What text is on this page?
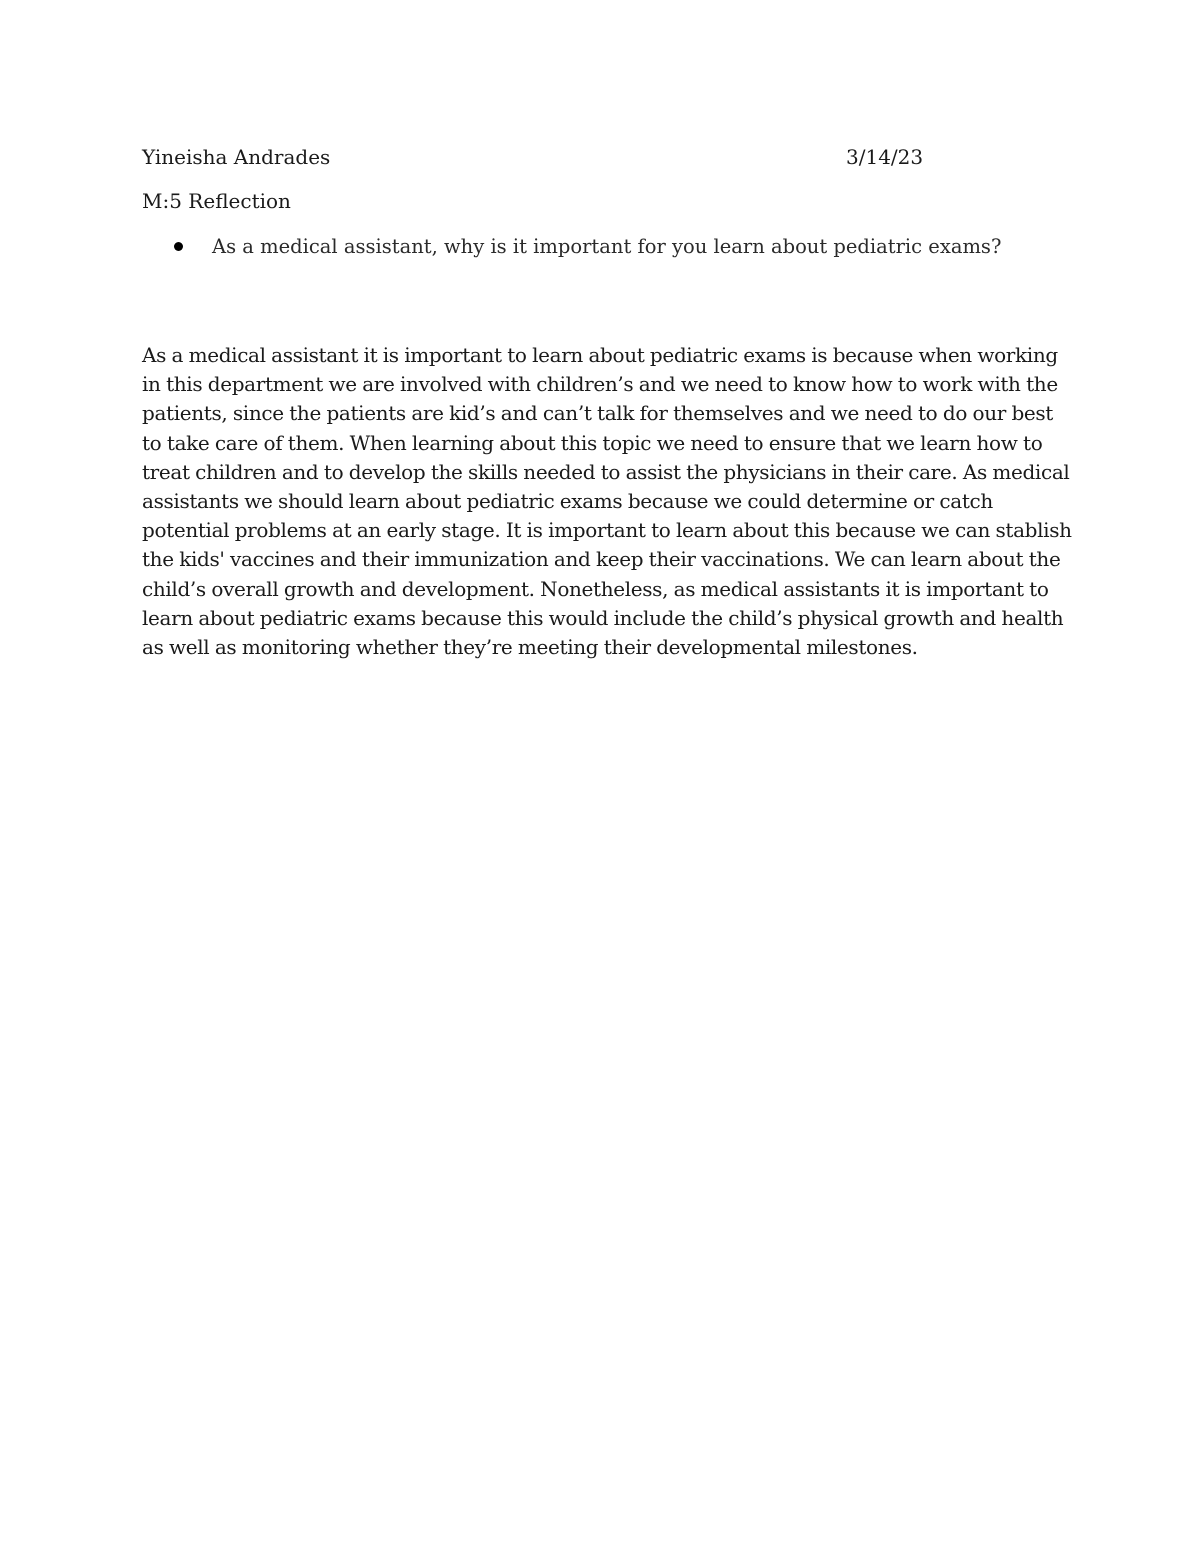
Yineisha Andrades	3/14/23
M:5 Reflection
As a medical assistant, why is it important for you learn about pediatric exams?

As a medical assistant it is important to learn about pediatric exams is because when working in this department we are involved with children’s and we need to know how to work with the patients, since the patients are kid’s and can’t talk for themselves and we need to do our best to take care of them. When learning about this topic we need to ensure that we learn how to treat children and to develop the skills needed to assist the physicians in their care. As medical assistants we should learn about pediatric exams because we could determine or catch potential problems at an early stage. It is important to learn about this because we can stablish the kids' vaccines and their immunization and keep their vaccinations. We can learn about the child’s overall growth and development. Nonetheless, as medical assistants it is important to learn about pediatric exams because this would include the child’s physical growth and health as well as monitoring whether they’re meeting their developmental milestones.
